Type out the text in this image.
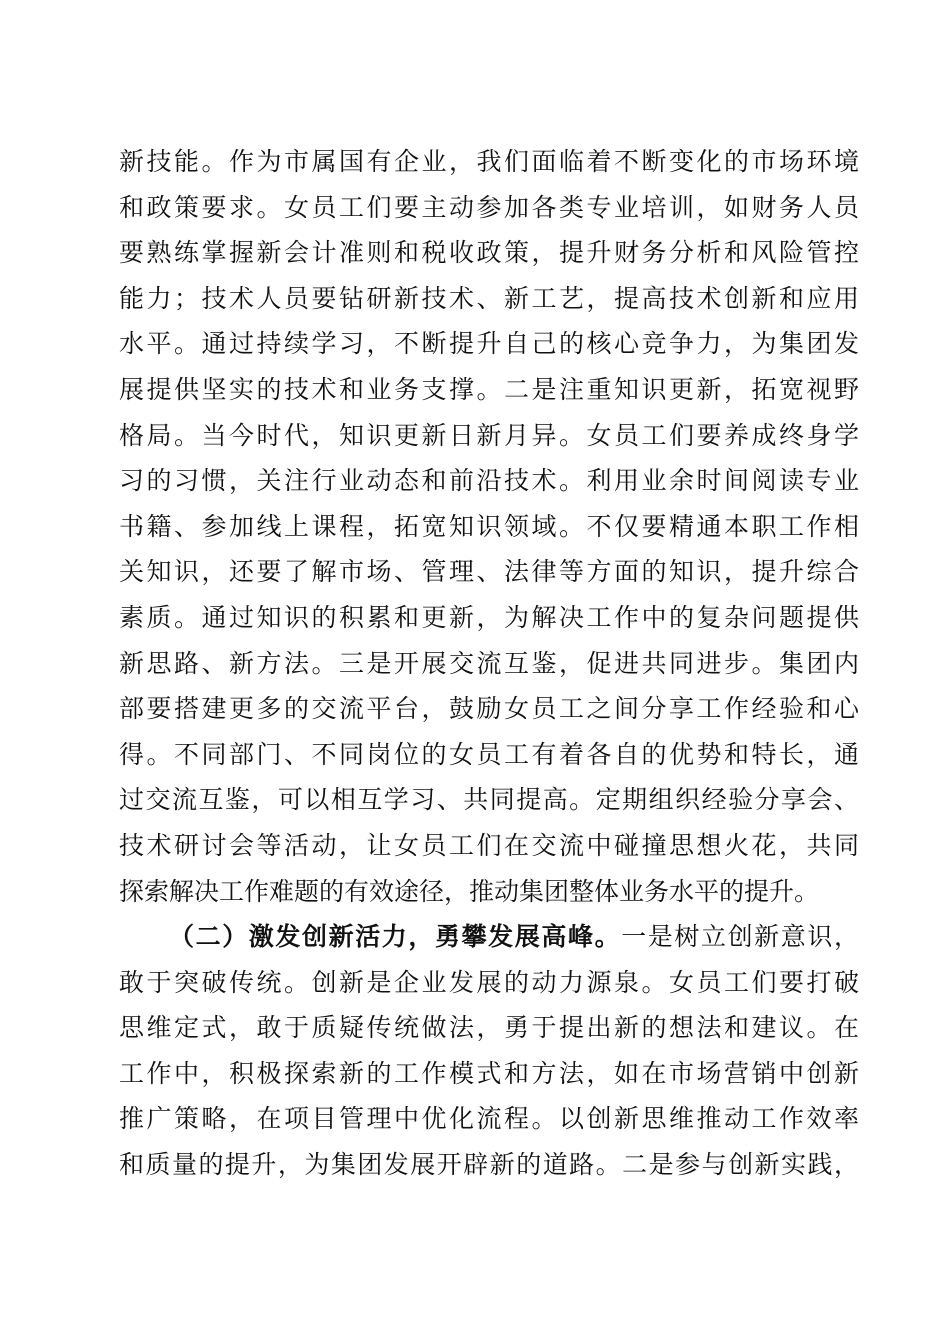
新技能。作为市属国有企业，我们面临着不断变化的市场环境
和政策要求。女员工们要主动参加各类专业培训，如财务人员
要熟练掌握新会计准则和税收政策，提升财务分析和风险管控
能力；技术人员要钻研新技术、新工艺，提高技术创新和应用
水平。通过持续学习，不断提升自己的核心竞争力，为集团发
展提供坚实的技术和业务支撑。二是注重知识更新，拓宽视野
格局。当今时代，知识更新日新月异。女员工们要养成终身学
习的习惯，关注行业动态和前沿技术。利用业余时间阅读专业
书籍、参加线上课程，拓宽知识领域。不仅要精通本职工作相
关知识，还要了解市场、管理、法律等方面的知识，提升综合
素质。通过知识的积累和更新，为解决工作中的复杂问题提供
新思路、新方法。三是开展交流互鉴，促进共同进步。集团内
部要搭建更多的交流平台，鼓励女员工之间分享工作经验和心
得。不同部门、不同岗位的女员工有着各自的优势和特长，通
过交流互鉴，可以相互学习、共同提高。定期组织经验分享会、
技术研讨会等活动，让女员工们在交流中碰撞思想火花，共同
探索解决工作难题的有效途径，推动集团整体业务水平的提升。
（二）激发创新活力，勇攀发展高峰。一是树立创新意识，
敢于突破传统。创新是企业发展的动力源泉。女员工们要打破
思维定式，敢于质疑传统做法，勇于提出新的想法和建议。在
工作中，积极探索新的工作模式和方法，如在市场营销中创新
推广策略，在项目管理中优化流程。以创新思维推动工作效率
和质量的提升，为集团发展开辟新的道路。二是参与创新实践，
